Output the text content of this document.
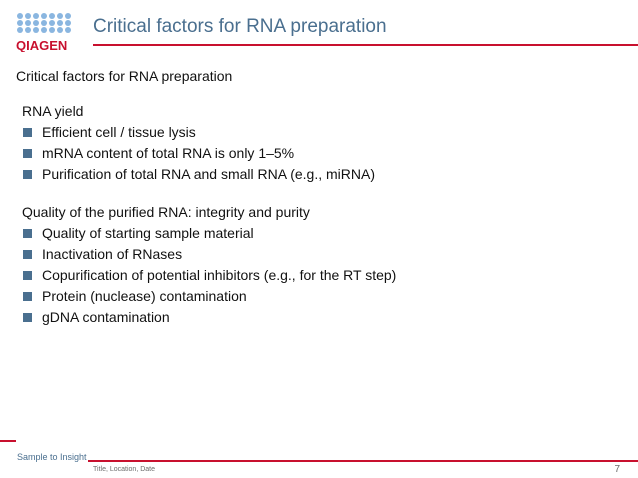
QIAGEN
Critical factors for RNA preparation
Critical factors for RNA preparation
RNA yield
Efficient cell / tissue lysis
mRNA content of total RNA is only 1–5%
Purification of total RNA and small RNA (e.g., miRNA)
Quality of the purified RNA: integrity and purity
Quality of starting sample material
Inactivation of RNases
Copurification of potential inhibitors (e.g., for the RT step)
Protein (nuclease) contamination
gDNA contamination
Sample to Insight
Title, Location, Date	7
